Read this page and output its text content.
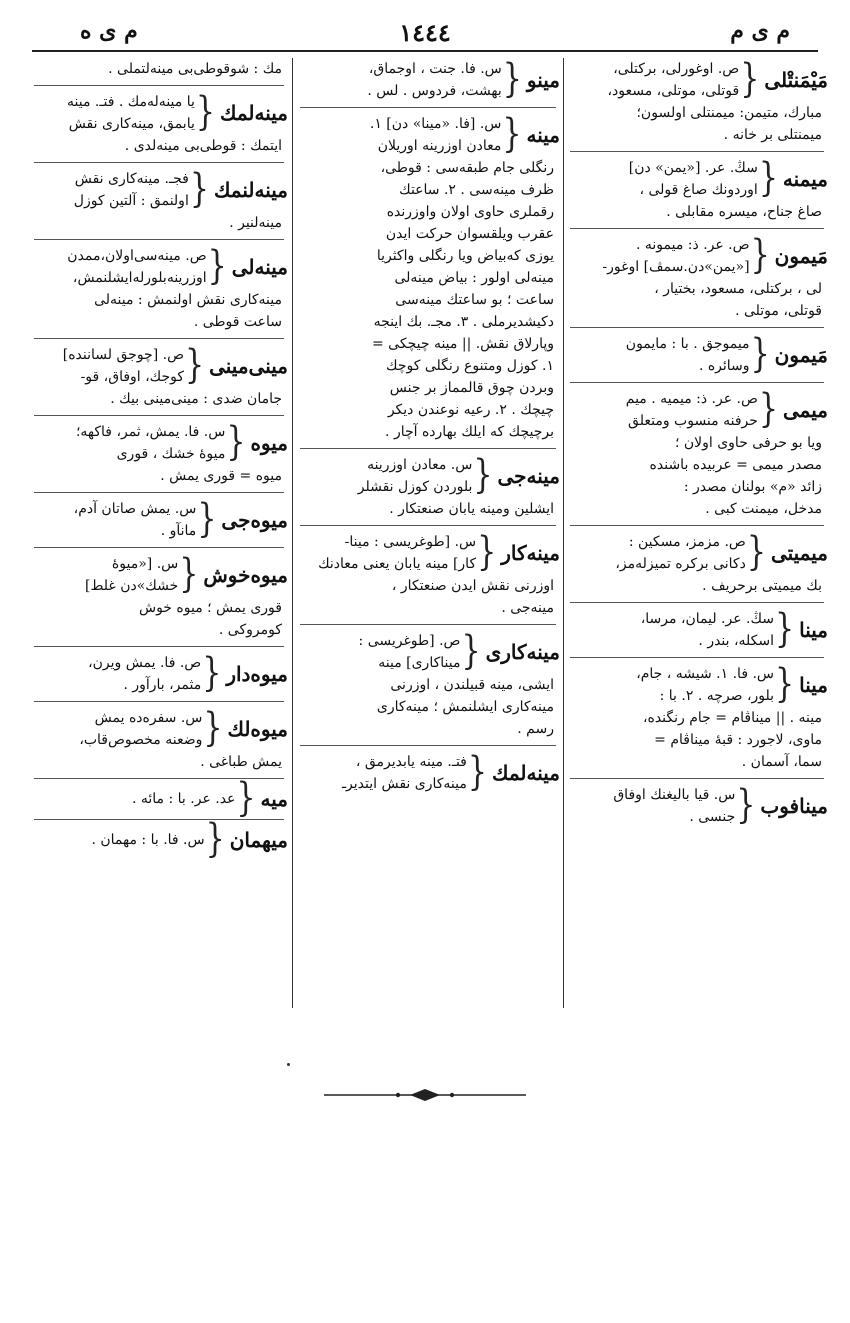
م ى م
١٤٤٤
م ى ه
مَيْمَنتْلى
{
ص. اوغورلى، برکتلى،
قوتلى، موتلى، مسعود،
مبارك، متيمن: ميمنتلى اولسون؛
ميمنتلى بر خانه .
ميمنه
{
سڭ. عر. [«يمن» دن]
اوردونك صاغ قولى ،
صاغ جناح، ميسره مقابلى .
مَيمون
{
ص. عر. ذ: ميمونه .
[«يمن»دن.سمڤ] اوغور-
لى ، برکتلى، مسعود، بختيار ،
قوتلى، موتلى .
مَيمون
{
ميموجق . با : مايمون
وسائره .
ميمى
{
ص. عر. ذ: ميميه . ميم
حرفنه منسوب ومتعلق
ويا بو حرفى حاوى اولان ؛
مصدر ميمى = عربيده باشنده
زائد «م» بولنان مصدر :
مدخل، ميمنت کبى .
ميميتى
{
ص. مزمز، مسکين :
دکانى برکره تميزلەمز،
بك ميميتى برحريف .
مينا
{
سڭ. عر. ليمان، مرسا،
اسکله، بندر .
مينا
{
س. فا. ١. شيشه ، جام،
بلور، صرچه . ٢. با :
مينه . || ميناڤام = جام رنگنده،
ماوى، لاجورد : قبهٔ ميناڤام =
سما، آسمان .
مينافوب
{
س. قيا باليغنك اوفاق
جنسى .
مينو
{
س. فا. جنت ، اوجماق،
بهشت، فردوس . لس .
مينه
{
س. [فا. «مينا» دن] ١.
معادن اوزرينه اوريلان
رنگلى جام طبقەسى : قوطى،
ظرف مينەسى . ٢. ساعتك
رقملرى حاوى اولان واوزرنده
عقرب ويلقسوان حرکت ايدن
يوزى کەبياض ويا رنگلى واکثريا
مينەلى اولور : بياض مينەلى
ساعت ؛ بو ساعتك مينەسى
دکيشديرملى . ٣. مجـ. بك اينجه
وپارلاق نقش. || مينه چيچكى =
١. کوزل ومتنوع رنگلى کوچك
وبردن چوق قالمماز بر جنس
چيچك . ٢. رعيه نوعندن ديکر
برچيچك که ايلك بهارده آچار .
مينه‌جى
{
س. معادن اوزرينه
بلوردن کوزل نقشلر
ايشلين ومينه يابان صنعتکار .
مينه‌کار
{
س. [طوغريسى : مينا-
کار] مينه يابان يعنى معادنك
اوزرنى نقش ايدن صنعتکار ،
مينەجى .
مينه‌کارى
{
ص. [طوغريسى :
ميناکارى] مينه
ايشى، مينه قبيلندن ، اوزرنى
مينەکارى ايشلنمش ؛ مينەکارى
رسم .
مينه‌لمك
{
فتـ. مينه يابديرمق ،
مينەکارى نقش ايتديرـ
مك : شوقوطى‌بى مينەلتملى .
مينه‌لمك
{
يا مينەلەمك . فتـ. مينه
يابمق، مينەکارى نقش
ايتمك : قوطى‌بى مينەلدى .
مينه‌لنمك
{
فجـ. مينەکارى نقش
اولنمق : آلتين کوزل
مينەلنير .
مينه‌لى
{
ص. مينەسى‌اولان،ممدن
اوزرينه‌بلورله‌ايشلنمش،
مينەکارى نقش اولنمش : مينەلى
ساعت قوطى .
مينى‌مينى
{
ص. [چوجق لساننده]
کوجك، اوفاق، قو-
جامان ضدى : مينى‌مينى بيك .
ميوه
{
س. فا. يمش، ثمر، فاکهه؛
ميوهٔ خشك ، قورى
ميوه = قورى يمش .
ميوه‌جى
{
س. يمش صاتان آدم،
مانآو .
ميوه‌خوش
{
س. [«ميوهٔ
خشك»دن غلط]
قورى يمش ؛ ميوه خوش
کومروکى .
ميوه‌دار
{
ص. فا. يمش ويرن،
مثمر، بارآور .
ميوه‌لك
{
س. سفره‌ده يمش
وضعنه مخصوص‌قاب،
يمش طباغى .
ميه
{
عد. عر. با : مائه .
ميهمان
{
س. فا. با : مهمان .
